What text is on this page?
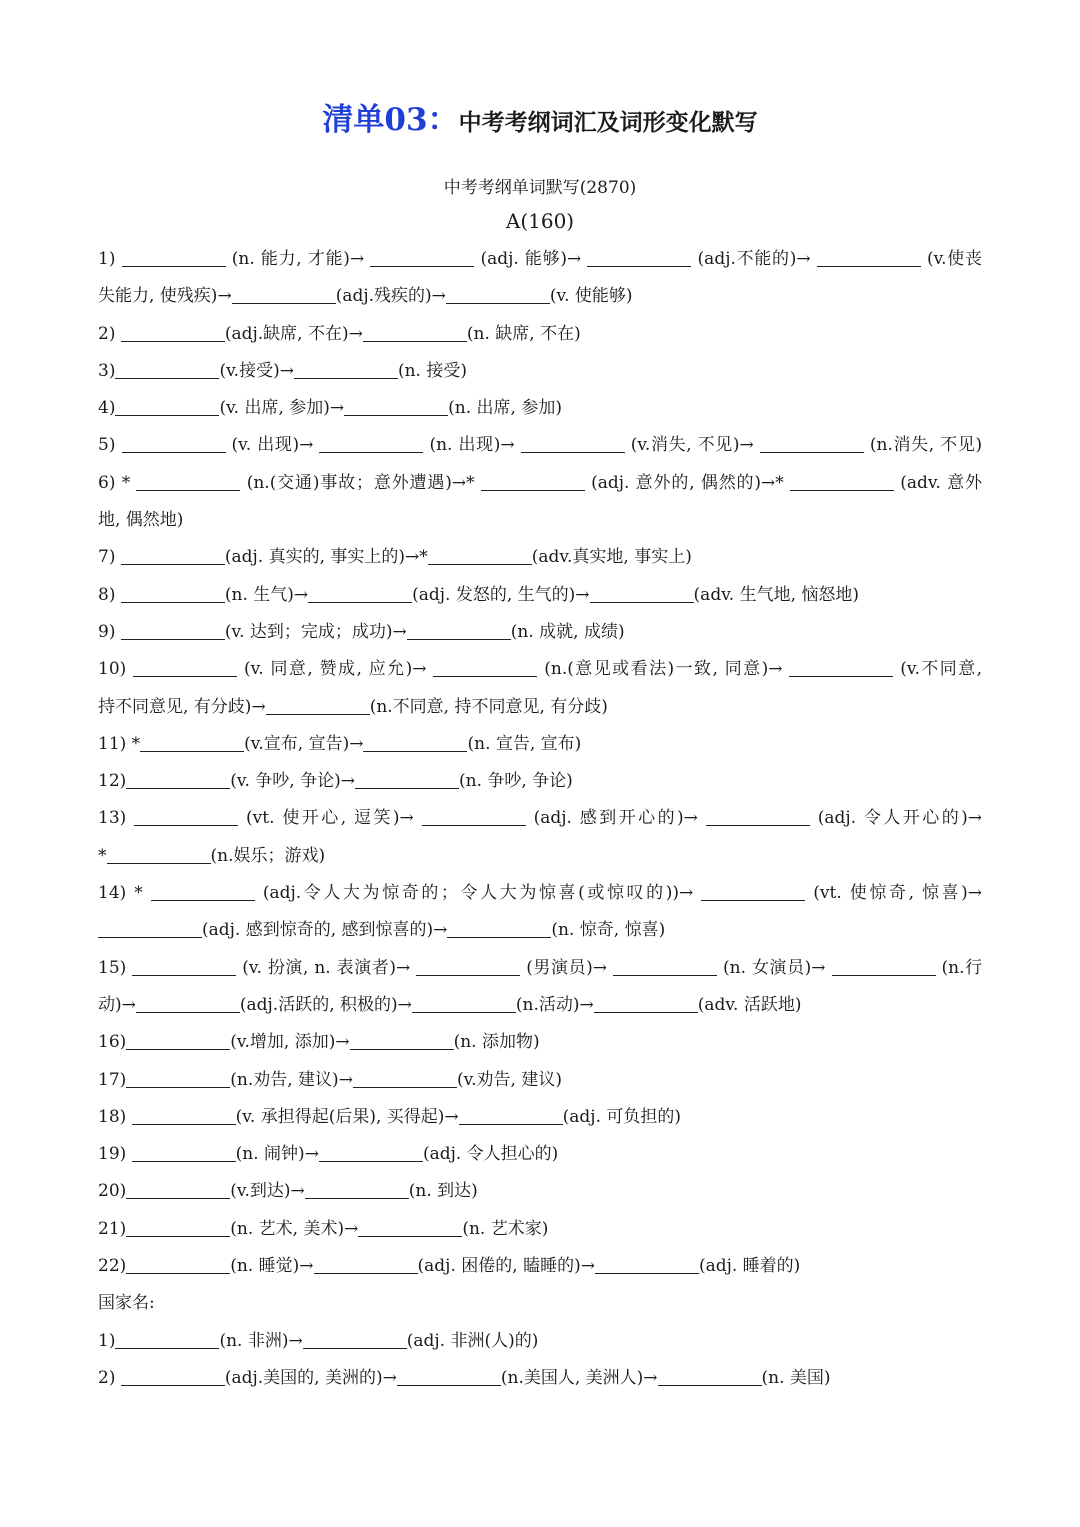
清单03：中考考纲词汇及词形变化默写
中考考纲单词默写(2870)
A(160)
1)	(n. 能力, 才能)→	(adj. 能够)→	(adj.不能的)→	(v.使丧
失能力, 使残疾)→	(adj.残疾的)→	(v. 使能够)
2)	(adj.缺席, 不在)→	(n. 缺席, 不在)
3)	(v.接受)→	(n. 接受)
4)	(v. 出席, 参加)→	(n. 出席, 参加)
5)	(v. 出现)→	(n. 出现)→	(v.消失, 不见)→	(n.消失, 不见)
6) *	(n.(交通)事故；意外遭遇)→*	(adj. 意外的, 偶然的)→*	(adv. 意外
地, 偶然地)
7)	(adj. 真实的, 事实上的)→*	(adv.真实地, 事实上)
8)	(n. 生气)→	(adj. 发怒的, 生气的)→	(adv. 生气地, 恼怒地)
9)	(v. 达到；完成；成功)→	(n. 成就, 成绩)
10)	(v. 同意, 赞成, 应允)→	(n.(意见或看法)一致, 同意)→	(v.不同意,
持不同意见, 有分歧)→	(n.不同意, 持不同意见, 有分歧)
11) *	(v.宣布, 宣告)→	(n. 宣告, 宣布)
12)	(v. 争吵, 争论)→	(n. 争吵, 争论)
13)	(vt. 使开心, 逗笑)→	(adj. 感到开心的)→	(adj. 令人开心的)→
*	(n.娱乐；游戏)
14) *	(adj.令人大为惊奇的；令人大为惊喜(或惊叹的))→	(vt. 使惊奇, 惊喜)→
(adj. 感到惊奇的, 感到惊喜的)→	(n. 惊奇, 惊喜)
15)	(v. 扮演, n. 表演者)→	(男演员)→	(n. 女演员)→	(n.行
动)→	(adj.活跃的, 积极的)→	(n.活动)→	(adv. 活跃地)
16)	(v.增加, 添加)→	(n. 添加物)
17)	(n.劝告, 建议)→	(v.劝告, 建议)
18)	(v. 承担得起(后果), 买得起)→	(adj. 可负担的)
19)	(n. 闹钟)→	(adj. 令人担心的)
20)	(v.到达)→	(n. 到达)
21)	(n. 艺术, 美术)→	(n. 艺术家)
22)	(n. 睡觉)→	(adj. 困倦的, 瞌睡的)→	(adj. 睡着的)
国家名:
1)	(n. 非洲)→	(adj. 非洲(人)的)
2)	(adj.美国的, 美洲的)→	(n.美国人, 美洲人)→	(n. 美国)
